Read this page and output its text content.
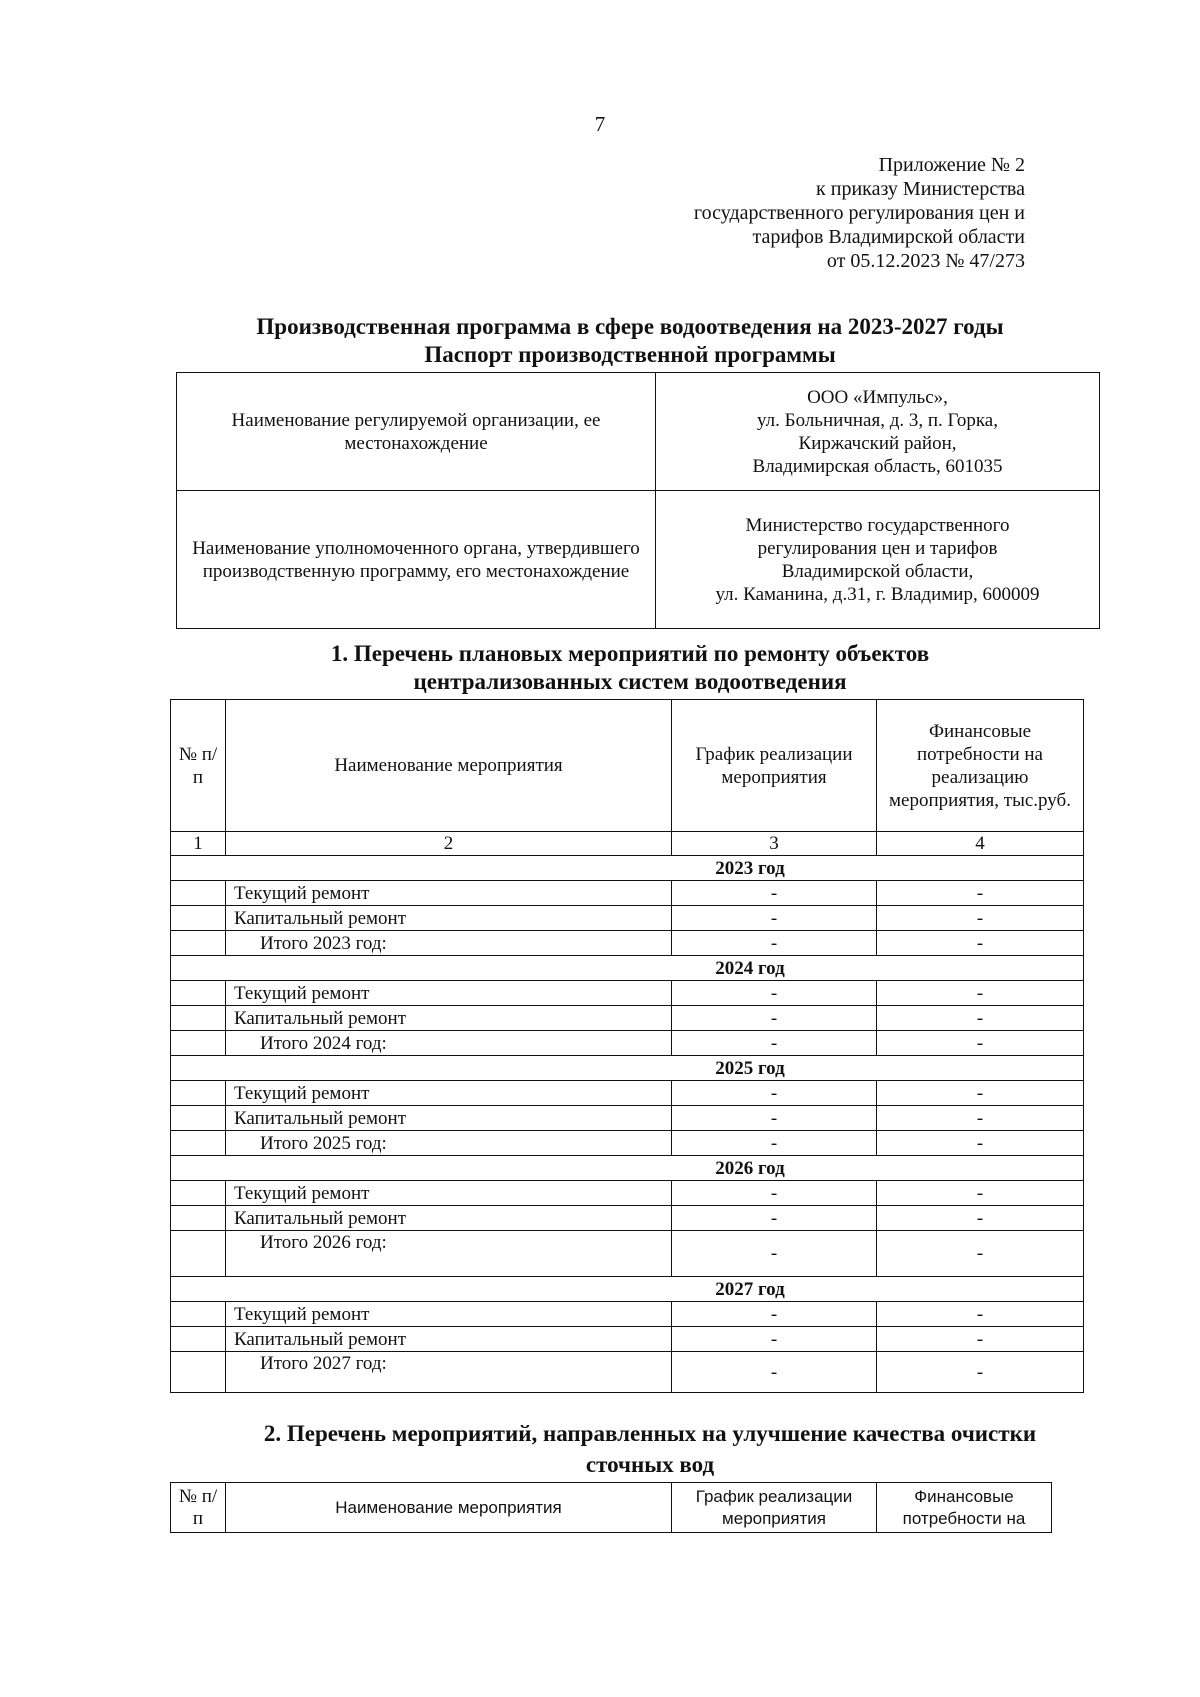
7
Приложение № 2
к приказу Министерства
государственного регулирования цен и
тарифов Владимирской области
от 05.12.2023 № 47/273
Производственная программа в сфере водоотведения на 2023-2027 годы
Паспорт производственной программы
Наименование регулируемой организации, ее местонахождение	ООО «Импульс»,
ул. Больничная, д. 3, п. Горка,
Киржачский район,
Владимирская область, 601035

Наименование уполномоченного органа, утвердившего производственную программу, его местонахождение	Министерство государственного
регулирования цен и тарифов
Владимирской области,
ул. Каманина, д.31, г. Владимир, 600009
1. Перечень плановых мероприятий по ремонту объектов
централизованных систем водоотведения
№ п/п	Наименование мероприятия	График реализации мероприятия	Финансовые потребности на реализацию мероприятия, тыс.руб.
1	2	3	4
2023 год			
	Текущий ремонт	-	-
	Капитальный ремонт	-	-
	Итого 2023 год:	-	-
2024 год			
	Текущий ремонт	-	-
	Капитальный ремонт	-	-
	Итого 2024 год:	-	-
2025 год			
	Текущий ремонт	-	-
	Капитальный ремонт	-	-
	Итого 2025 год:	-	-
2026 год			
	Текущий ремонт	-	-
	Капитальный ремонт	-	-
	Итого 2026 год:	-	-
2027 год			
	Текущий ремонт	-	-
	Капитальный ремонт	-	-
	Итого 2027 год:	-	-
2. Перечень мероприятий, направленных на улучшение качества очистки
сточных вод
№ п/п	Наименование мероприятия	График реализации мероприятия	Финансовые потребности на
